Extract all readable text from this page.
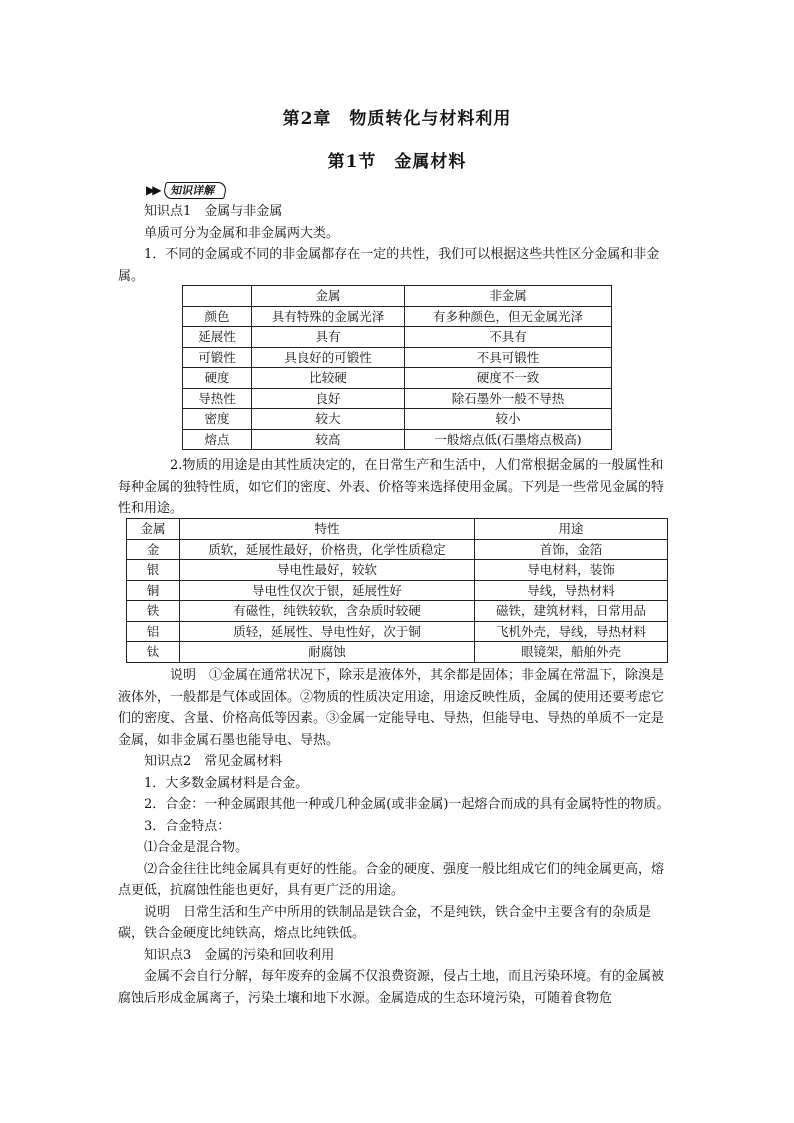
第2章　物质转化与材料利用
第1节　金属材料
▶▶	知识详解

知识点1　金属与非金属

单质可分为金属和非金属两大类。

1．不同的金属或不同的非金属都存在一定的共性，我们可以根据这些共性区分金属和非金属。

	金属	非金属
颜色	具有特殊的金属光泽	有多种颜色，但无金属光泽
延展性	具有	不具有
可锻性	具良好的可锻性	不具可锻性
硬度	比较硬	硬度不一致
导热性	良好	除石墨外一般不导热
密度	较大	较小
熔点	较高	一般熔点低(石墨熔点极高)

2.物质的用途是由其性质决定的，在日常生产和生活中，人们常根据金属的一般属性和每种金属的独特性质，如它们的密度、外表、价格等来选择使用金属。下列是一些常见金属的特性和用途。

金属	特性	用途
金	质软，延展性最好，价格贵，化学性质稳定	首饰，金箔
银	导电性最好，较软	导电材料，装饰
铜	导电性仅次于银，延展性好	导线，导热材料
铁	有磁性，纯铁较软，含杂质时较硬	磁铁，建筑材料，日常用品
铝	质轻，延展性、导电性好，次于铜	飞机外壳，导线，导热材料
钛	耐腐蚀	眼镜架，船舶外壳

说明　①金属在通常状况下，除汞是液体外，其余都是固体；非金属在常温下，除溴是液体外，一般都是气体或固体。②物质的性质决定用途，用途反映性质，金属的使用还要考虑它们的密度、含量、价格高低等因素。③金属一定能导电、导热，但能导电、导热的单质不一定是金属，如非金属石墨也能导电、导热。

知识点2　常见金属材料

1．大多数金属材料是合金。

2．合金：一种金属跟其他一种或几种金属(或非金属)一起熔合而成的具有金属特性的物质。

3．合金特点：

⑴合金是混合物。

⑵合金往往比纯金属具有更好的性能。合金的硬度、强度一般比组成它们的纯金属更高，熔点更低，抗腐蚀性能也更好，具有更广泛的用途。

说明　日常生活和生产中所用的铁制品是铁合金，不是纯铁，铁合金中主要含有的杂质是碳，铁合金硬度比纯铁高，熔点比纯铁低。

知识点3　金属的污染和回收利用

金属不会自行分解，每年废弃的金属不仅浪费资源，侵占土地，而且污染环境。有的金属被腐蚀后形成金属离子，污染土壤和地下水源。金属造成的生态环境污染，可随着食物危
